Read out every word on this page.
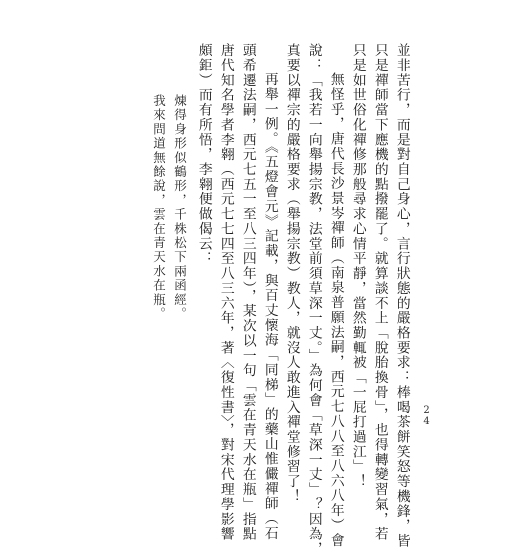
並非苦行，而是對自己身心，言行狀態的嚴格要求：棒喝茶餅笑怒等機鋒，皆
只是禪師當下應機的點撥罷了。就算談不上「脫胎換骨」，也得轉變習氣，若
只是如世俗化禪修那般尋求心情平靜，當然勤輒被「一屁打過江」！
無怪乎，唐代長沙景岑禪師（南泉普願法嗣，西元七八八至八六八年）會
說：「我若一向舉揚宗教，法堂前須草深一丈。」為何會「草深一丈」？因為，
真要以禪宗的嚴格要求（舉揚宗教）教人，就沒人敢進入禪堂修習了！
再舉一例。《五燈會元》記載，與百丈懷海「同梯」的藥山惟儼禪師（石
頭希遷法嗣，西元七五一至八三四年），某次以一句「雲在青天水在瓶」指點
唐代知名學者李翱（西元七七四至八三六年，著〈復性書〉，對宋代理學影響
頗鉅）而有所悟，李翱便做偈云：
煉得身形似鶴形，千株松下兩函經。
我來問道無餘說，雲在青天水在瓶。
24
